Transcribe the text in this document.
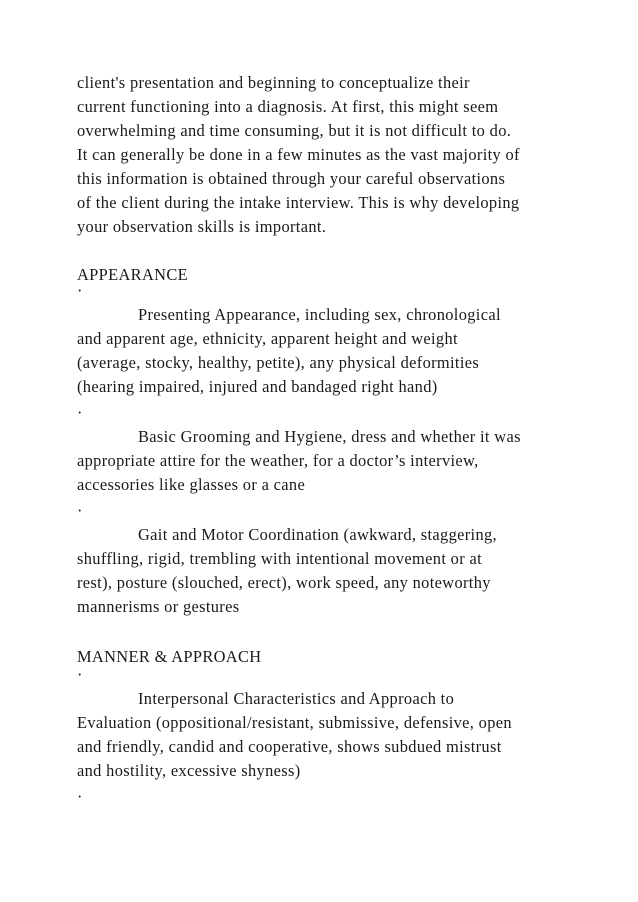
client's presentation and beginning to conceptualize their
current functioning into a diagnosis. At first, this might seem
overwhelming and time consuming, but it is not difficult to do.
It can generally be done in a few minutes as the vast majority of
this information is obtained through your careful observations
of the client during the intake interview. This is why developing
your observation skills is important.
APPEARANCE
·
Presenting Appearance, including sex, chronological
and apparent age, ethnicity, apparent height and weight
(average, stocky, healthy, petite), any physical deformities
(hearing impaired, injured and bandaged right hand)
·
Basic Grooming and Hygiene, dress and whether it was
appropriate attire for the weather, for a doctor’s interview,
accessories like glasses or a cane
·
Gait and Motor Coordination (awkward, staggering,
shuffling, rigid, trembling with intentional movement or at
rest), posture (slouched, erect), work speed, any noteworthy
mannerisms or gestures
MANNER & APPROACH
·
Interpersonal Characteristics and Approach to
Evaluation (oppositional/resistant, submissive, defensive, open
and friendly, candid and cooperative, shows subdued mistrust
and hostility, excessive shyness)
·
